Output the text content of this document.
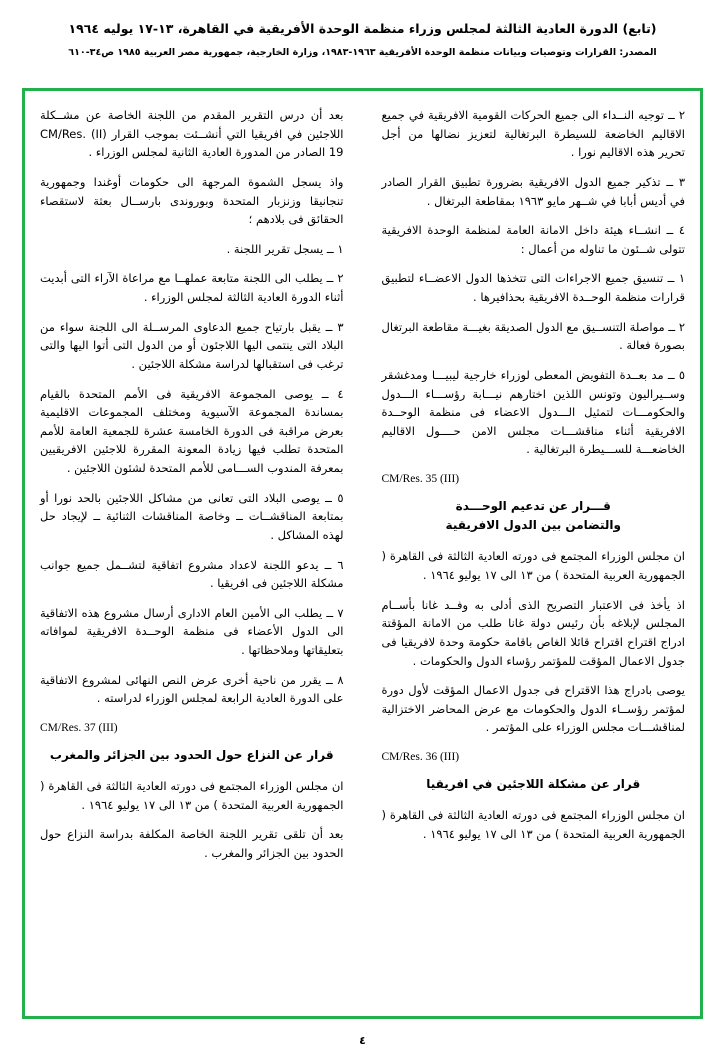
(تابع) الدورة العادية الثالثة لمجلس وزراء منظمة الوحدة الأفريقية في القاهرة، ١٣-١٧ يوليه ١٩٦٤
المصدر: القرارات وتوصيات وبيانات منظمة الوحدة الأفريقية ١٩٦٣-١٩٨٣، وزارة الخارجية، جمهورية مصر العربية ١٩٨٥ ص٣٤-٦١٠

٢ ــ توجيه النــداء الى جميع الحركات القومية الافريقية في جميع الاقاليم الخاضعة للسيطرة البرتغالية لتعزيز نضالها من أجل تحرير هذه الاقاليم نورا .

٣ ــ تذكير جميع الدول الافريقية بضرورة تطبيق القرار الصادر في أديس أبابا في شــهر مايو ١٩٦٣ بمقاطعة البرتغال .

٤ ــ انشــاء هيئة داخل الامانة العامة لمنظمة الوحدة الافريقية تتولى شــئون ما تناوله من أعمال :

١ ــ تنسيق جميع الاجراءات التى تتخذها الدول الاعضــاء لتطبيق قرارات منظمة الوحــدة الافريقية بحذافيرها .

٢ ــ مواصلة التنســيق مع الدول الصديقة بغيـــة مقاطعة البرتغال بصورة فعالة .

٥ ــ مد بعــدة التفويض المعطى لوزراء خارجية ليبيـــا ومدغشقر وســيراليون وتونس اللذين اختارهم نيـــابة رؤســـاء الـــدول والحكومـــات لتمثيل الـــدول الاعضاء فى منظمة الوحــدة الافريقية أثناء مناقشـــات مجلس الامن حــــول الاقاليم الخاضعـــة للســـيطرة البرتغالية .

CM/Res. 35 (III)
قـــرار عن تدعيم الوحـــدة
والتضامن بين الدول الافريقية

ان مجلس الوزراء المجتمع فى دورته العادية الثالثة فى القاهرة ( الجمهورية العربية المتحدة ) من ١٣ الى ١٧ يوليو ١٩٦٤ .

اذ يأخذ فى الاعتبار التصريح الذى أدلى به وفــد غانا بأســام المجلس لإبلاغه بأن رئيس دولة غانا طلب من الامانة المؤقتة ادراج اقتراح اقتراح قائلا الغاص باقامة حكومة وحدة لافريقيا فى جدول الاعمال المؤقت للمؤتمر رؤساء الدول والحكومات .

يوصى بادراج هذا الاقتراح فى جدول الاعمال المؤقت لأول دورة لمؤتمر رؤســاء الدول والحكومات مع عرض المحاضر الاختزالية لمناقشـــات مجلس الوزراء على المؤتمر .

CM/Res. 36 (III)
قرار عن مشكلة اللاجئين في افريقيا

ان مجلس الوزراء المجتمع فى دورته العادية الثالثة فى القاهرة ( الجمهورية العربية المتحدة ) من ١٣ الى ١٧ يوليو ١٩٦٤ .

بعد أن درس التقرير المقدم من اللجنة الخاصة عن مشــكلة اللاجئين في افريقيا التي أنشــئت بموجب القرار (II) CM/Res. 19 الصادر من المدورة العادية الثانية لمجلس الوزراء .

واذ يسجل الشموة المرجهة الى حكومات أوغندا وجمهورية تنجانيقا وزنزبار المتحدة وبوروندى بارســال بعثة لاستقصاء الحقائق فى بلادهم ؛

١ ــ يسجل تقرير اللجنة .

٢ ــ يطلب الى اللجنة متابعة عملهــا مع مراعاة الآراء التى أبديت أثناء الدورة العادية الثالثة لمجلس الوزراء .

٣ ــ يقبل بارتياح جميع الدعاوى المرســلة الى اللجنة سواء من البلاد التى ينتمى اليها اللاجئون أو من الدول التى أتوا اليها والتى ترغب فى استقبالها لدراسة مشكلة اللاجئين .

٤ ــ يوصى المجموعة الافريقية فى الأمم المتحدة بالقيام بمساندة المجموعة الآسيوية ومختلف المجموعات الاقليمية بعرض مراقبة فى الدورة الخامسة عشرة للجمعية العامة للأمم المتحدة تطلب فيها زيادة المعونة المقررة للاجئين الافريقيين بمعرفة المندوب الســـامى للأمم المتحدة لشئون اللاجئين .

٥ ــ يوصى البلاد التى تعانى من مشاكل اللاجئين بالحد نورا أو بمتابعة المناقشــات ــ وخاصة المناقشات الثنائية ــ لإيجاد حل لهذه المشاكل .

٦ ــ يدعو اللجنة لاعداد مشروع اتفاقية لتشــمل جميع جوانب مشكلة اللاجئين فى افريقيا .

٧ ــ يطلب الى الأمين العام الادارى أرسال مشروع هذه الاتفاقية الى الدول الأعضاء فى منظمة الوحــدة الافريقية لموافاته بتعليقاتها وملاحظاتها .

٨ ــ يقرر من ناحية أخرى عرض النص النهائى لمشروع الاتفاقية على الدورة العادية الرابعة لمجلس الوزراء لدراسته .

CM/Res. 37 (III)
قرار عن النزاع حول الحدود بين الجزائر والمغرب

ان مجلس الوزراء المجتمع فى دورته العادية الثالثة فى القاهرة ( الجمهورية العربية المتحدة ) من ١٣ الى ١٧ يوليو ١٩٦٤ .

بعد أن تلقى تقرير اللجنة الخاصة المكلفة بدراسة النزاع حول الحدود بين الجزائر والمغرب .

٤
